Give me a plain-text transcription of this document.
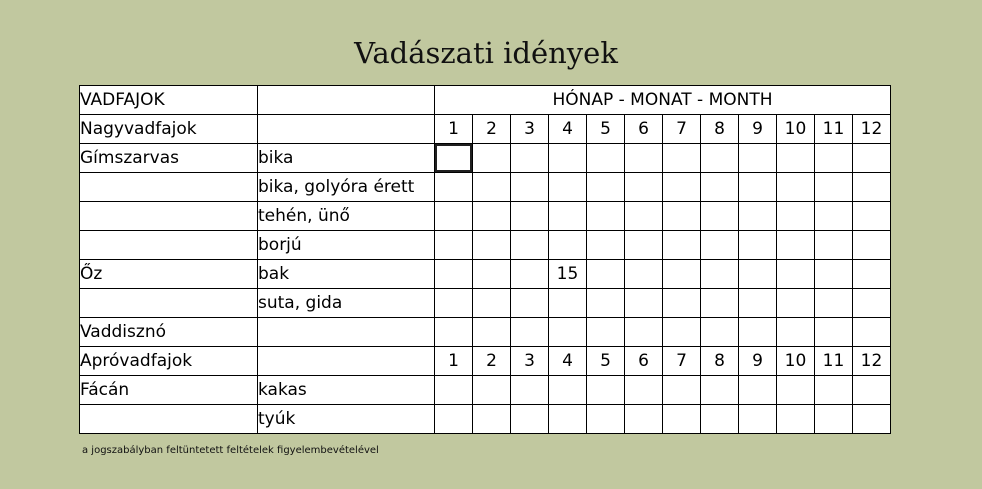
Vadászati idények
VADFAJOK		HÓNAP - MONAT - MONTH											
Nagyvadfajok		1	2	3	4	5	6	7	8	9	10	11	12
Gímszarvas	bika												
	bika, golyóra érett												
	tehén, ünő												
	borjú												
Őz	bak				15								
	suta, gida												
Vaddisznó													
Apróvadfajok		1	2	3	4	5	6	7	8	9	10	11	12
Fácán	kakas												
	tyúk												
a jogszabályban feltüntetett feltételek figyelembevételével
